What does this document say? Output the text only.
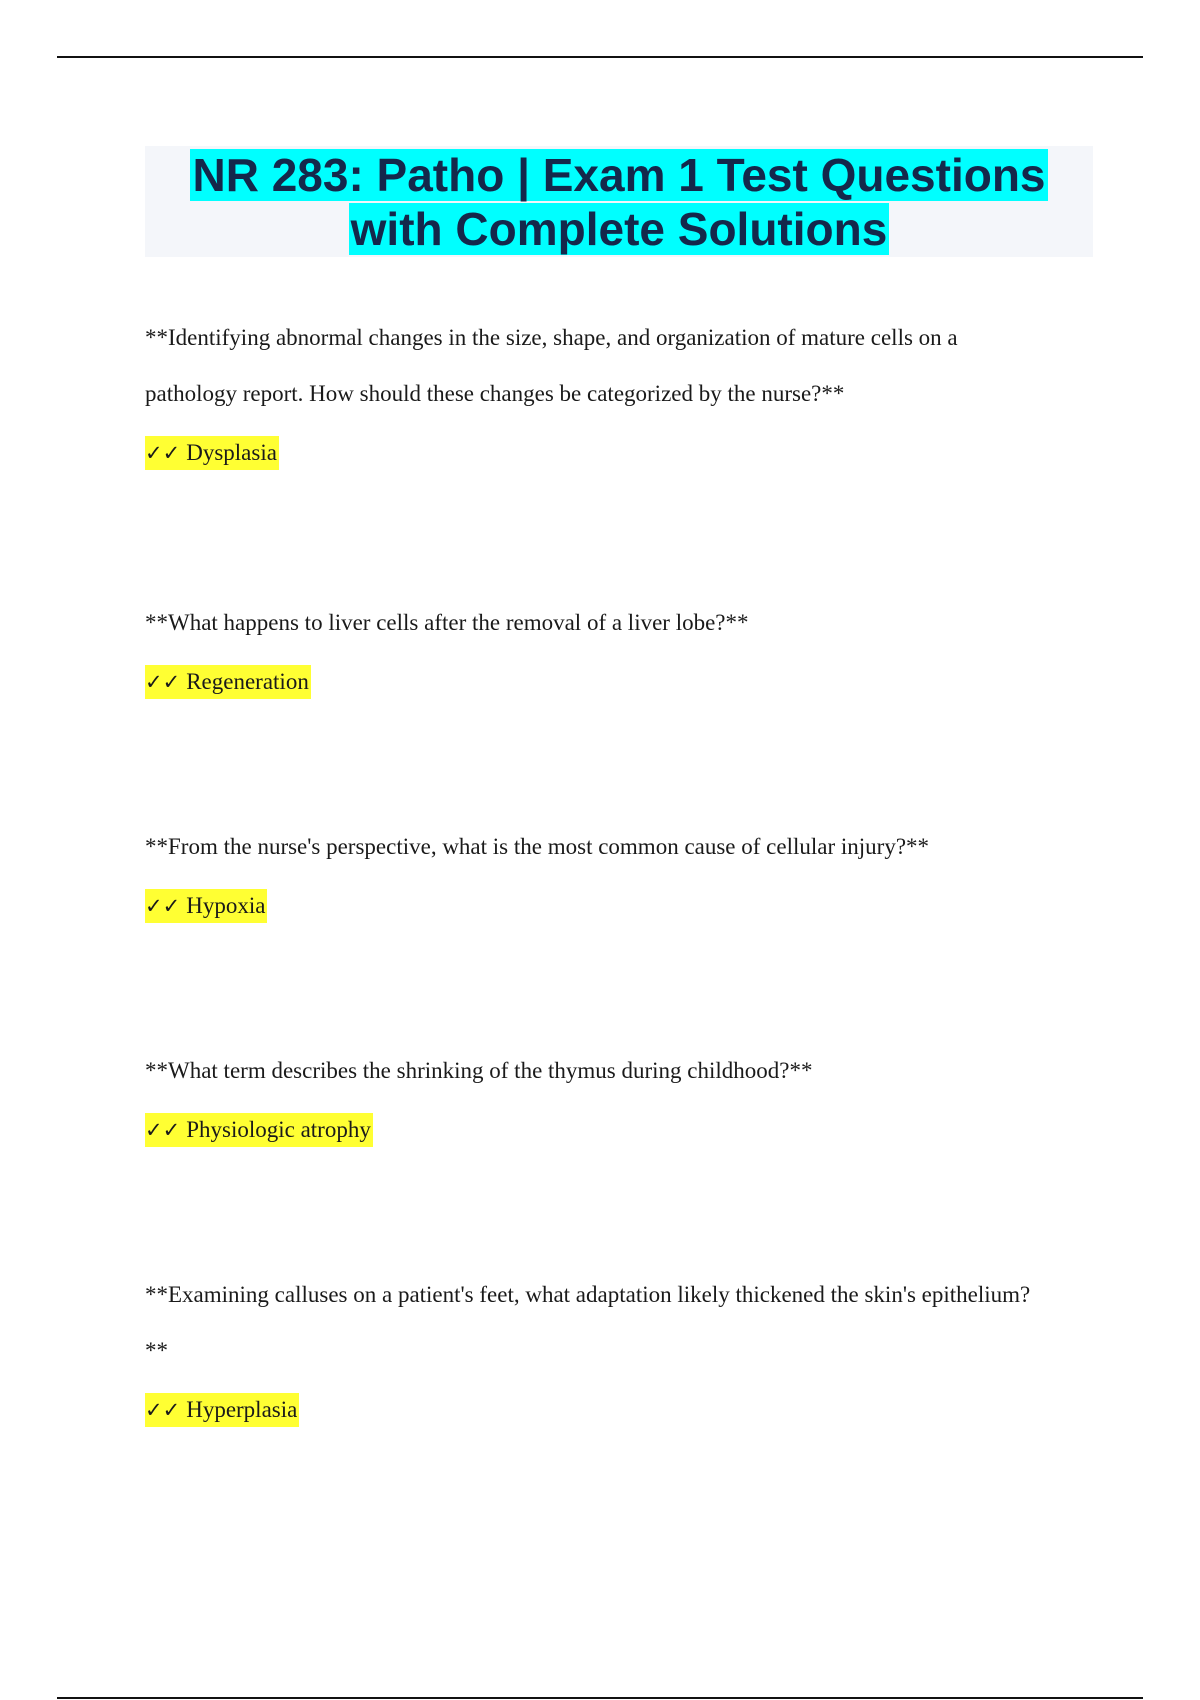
NR 283: Patho | Exam 1 Test Questions
with Complete Solutions

**Identifying abnormal changes in the size, shape, and organization of mature cells on a pathology report. How should these changes be categorized by the nurse?**

✓✓ Dysplasia

**What happens to liver cells after the removal of a liver lobe?**

✓✓ Regeneration

**From the nurse's perspective, what is the most common cause of cellular injury?**

✓✓ Hypoxia

**What term describes the shrinking of the thymus during childhood?**

✓✓ Physiologic atrophy

**Examining calluses on a patient's feet, what adaptation likely thickened the skin's epithelium?**

✓✓ Hyperplasia
